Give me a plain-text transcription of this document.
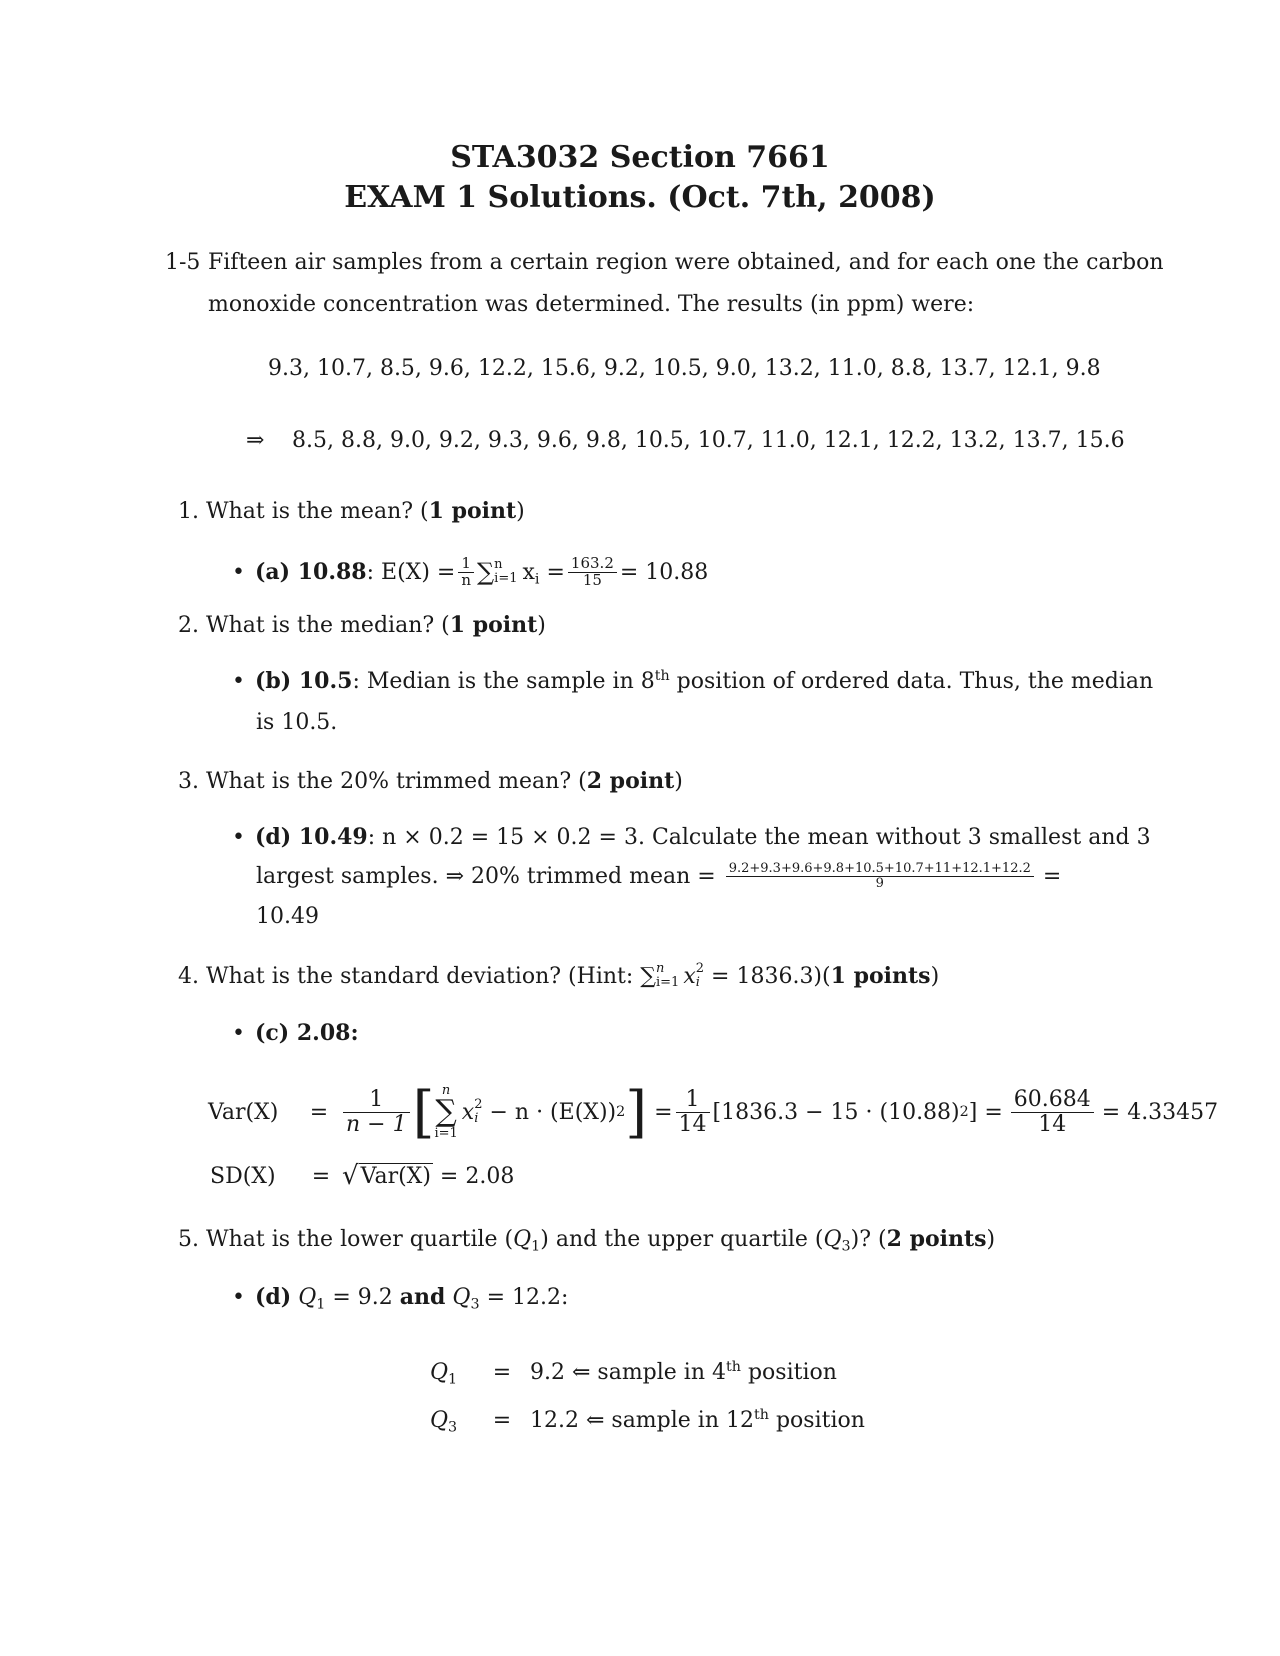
STA3032 Section 7661
EXAM 1 Solutions. (Oct. 7th, 2008)
1-5 Fifteen air samples from a certain region were obtained, and for each one the carbon
monoxide concentration was determined. The results (in ppm) were:
9.3, 10.7, 8.5, 9.6, 12.2, 15.6, 9.2, 10.5, 9.0, 13.2, 11.0, 8.8, 13.7, 12.1, 9.8
⇒ 8.5, 8.8, 9.0, 9.2, 9.3, 9.6, 9.8, 10.5, 10.7, 11.0, 12.1, 12.2, 13.2, 13.7, 15.6
1. What is the mean? (1 point)
• (a) 10.88 : $E(X) = \frac{1}{n}$ ∑ n
i=1 $x_i$
= $\frac{163.2}{15} = 10.88$
2. What is the median? (1 point)
• (b) 10.5: Median is the sample in 8th position of ordered data. Thus, the median
is 10.5.
3. What is the 20% trimmed mean? (2 point)
• (d) 10.49: n × 0.2 = 15 × 0.2 = 3. Calculate the mean without 3 smallest and 3
largest samples. ⇒ 20% trimmed mean = $\frac{9.2+9.3+9.6+9.8+10.5+10.7+11+12.1+12.2}{9}$ =
10.49
4.
What is the standard deviation? (Hint:
∑ n
i=1 x 2
i
= 1836.3) ( 1 points )
• (c) 2.08:
Var(X)	= $\frac{1}{n - 1}$ [ n
∑
i=1
x 2
i
− n · (E(X)) 2 ]
= $\frac{1}{14} [1836.3 - 15 \cdot (10.88)$ 2 ]
= $\frac{60.684}{14} = 4.33457$
SD(X)	= √ Var(X)
= 2.08
5. What is the lower quartile $(Q_1)$ and the upper quartile $(Q_3)$? (2 points)
• (d) $Q_1 = 9.2$ and $Q_3 = 12.2$:
$Q_1 = 9.2$ ⇐ sample in 4th position
$Q_3 = 12.2$ ⇐ sample in 12th position
